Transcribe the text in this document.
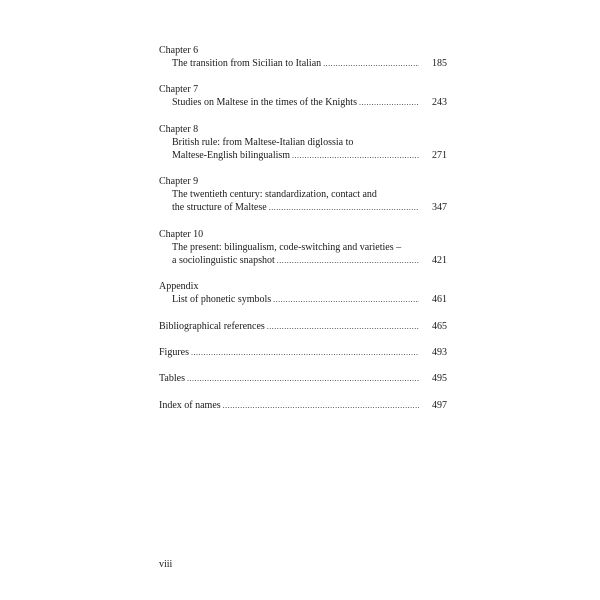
Chapter 6
The transition from Sicilian to Italian .....	185
Chapter 7
Studies on Maltese in the times of the Knights .....	243
Chapter 8
British rule: from Maltese-Italian diglossia to
Maltese-English bilingualism .....	271
Chapter 9
The twentieth century: standardization, contact and
the structure of Maltese .....	347
Chapter 10
The present: bilingualism, code-switching and varieties –
a sociolinguistic snapshot .....	421
Appendix
List of phonetic symbols .....	461
Bibliographical references .....	465
Figures .....	493
Tables .....	495
Index of names .....	497
viii
